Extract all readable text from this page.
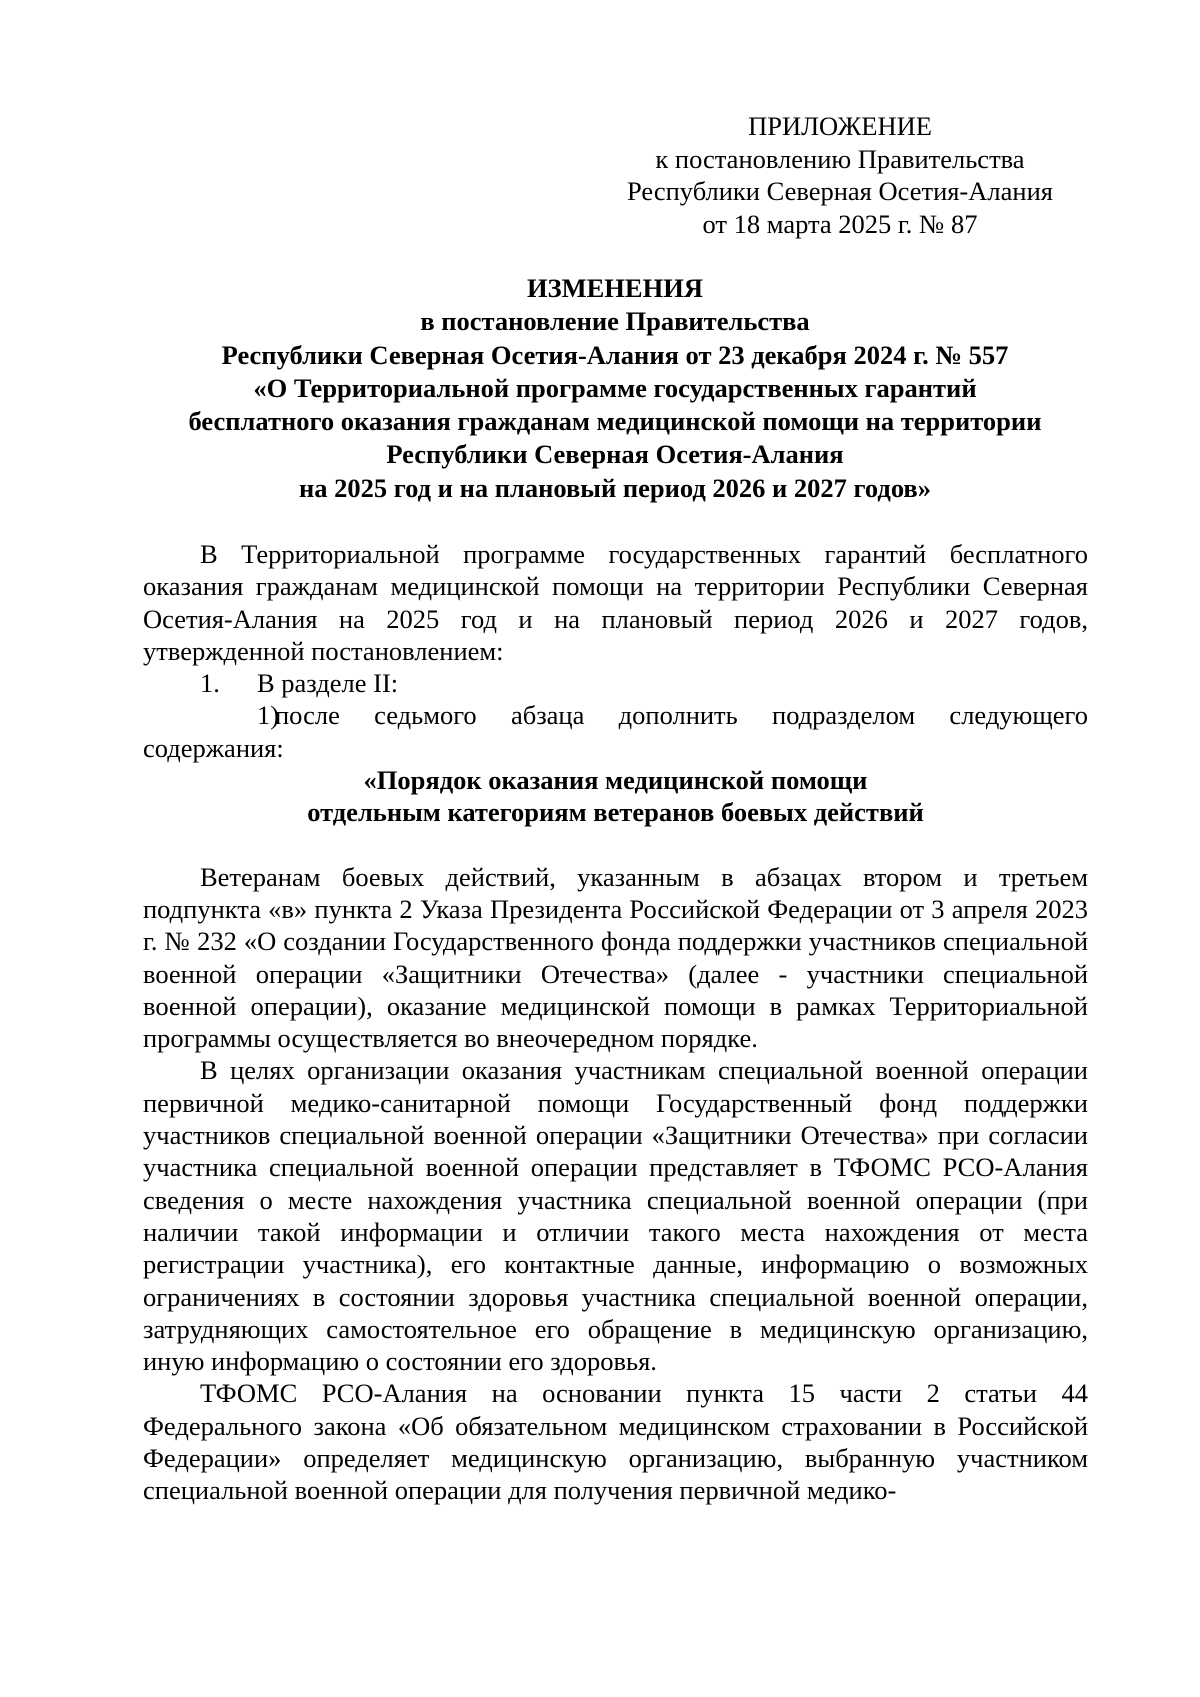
ПРИЛОЖЕНИЕ
к постановлению Правительства
Республики Северная Осетия-Алания
от 18 марта 2025 г. № 87
ИЗМЕНЕНИЯ
в постановление Правительства
Республики Северная Осетия-Алания от 23 декабря 2024 г. № 557
«О Территориальной программе государственных гарантий
бесплатного оказания гражданам медицинской помощи на территории
Республики Северная Осетия-Алания
на 2025 год и на плановый период 2026 и 2027 годов»

В Территориальной программе государственных гарантий бесплатного оказания гражданам медицинской помощи на территории Республики Северная Осетия-Алания на 2025 год и на плановый период 2026 и 2027 годов, утвержденной постановлением:

1. В разделе II:

1)после седьмого абзаца дополнить подразделом следующего содержания:

«Порядок оказания медицинской помощи
отдельным категориям ветеранов боевых действий

Ветеранам боевых действий, указанным в абзацах втором и третьем подпункта «в» пункта 2 Указа Президента Российской Федерации от 3 апреля 2023 г. № 232 «О создании Государственного фонда поддержки участников специальной военной операции «Защитники Отечества» (далее - участники специальной военной операции), оказание медицинской помощи в рамках Территориальной программы осуществляется во внеочередном порядке.

В целях организации оказания участникам специальной военной операции первичной медико-санитарной помощи Государственный фонд поддержки участников специальной военной операции «Защитники Отечества» при согласии участника специальной военной операции представляет в ТФОМС РСО-Алания сведения о месте нахождения участника специальной военной операции (при наличии такой информации и отличии такого места нахождения от места регистрации участника), его контактные данные, информацию о возможных ограничениях в состоянии здоровья участника специальной военной операции, затрудняющих самостоятельное его обращение в медицинскую организацию, иную информацию о состоянии его здоровья.

ТФОМС РСО-Алания на основании пункта 15 части 2 статьи 44 Федерального закона «Об обязательном медицинском страховании в Российской Федерации» определяет медицинскую организацию, выбранную участником специальной военной операции для получения первичной медико-
